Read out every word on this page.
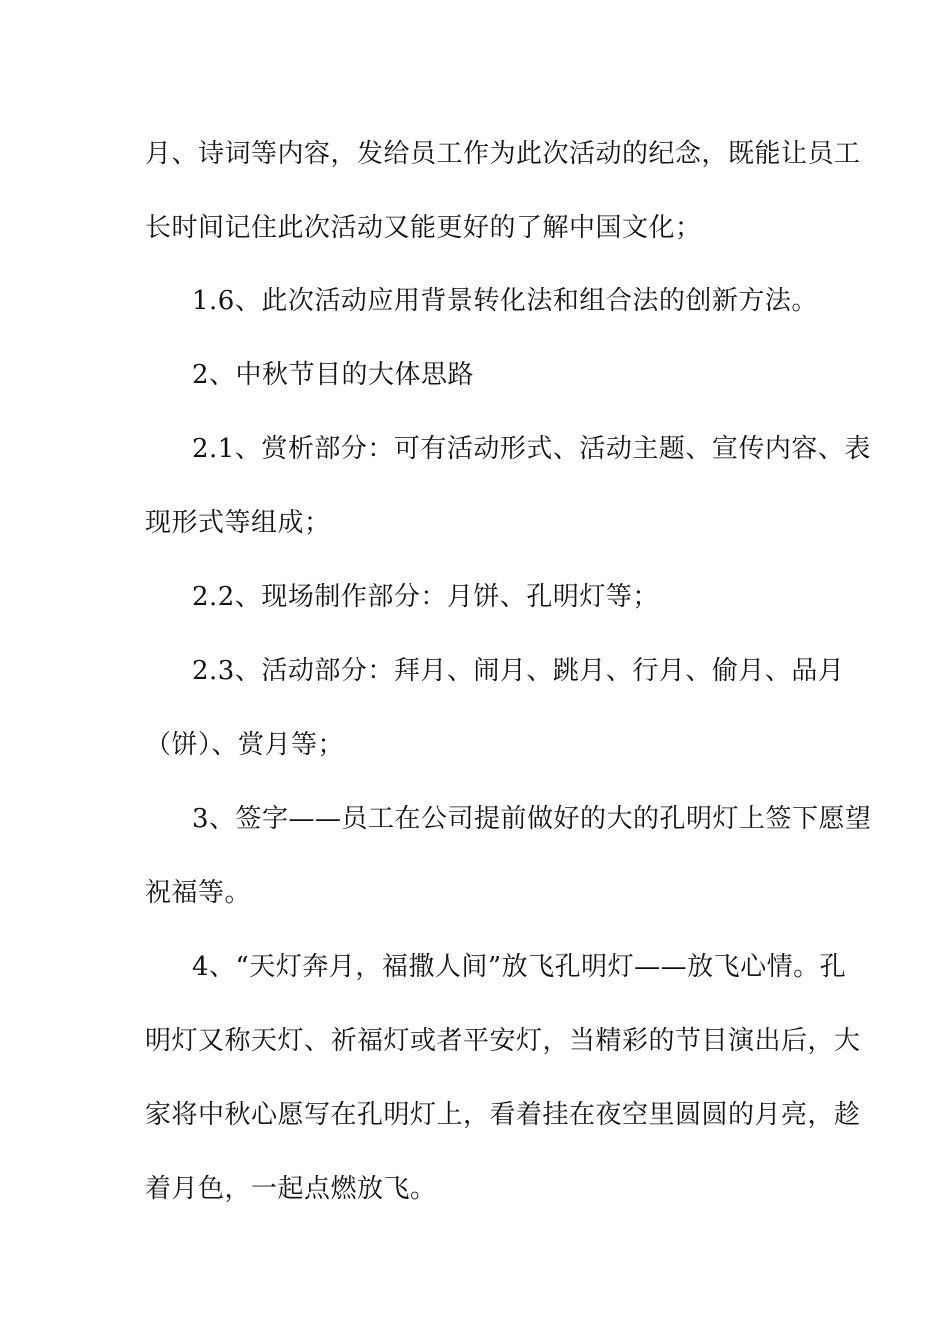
月、诗词等内容，发给员工作为此次活动的纪念，既能让员工
长时间记住此次活动又能更好的了解中国文化；
1.6、此次活动应用背景转化法和组合法的创新方法。
2、中秋节目的大体思路
2.1、赏析部分：可有活动形式、活动主题、宣传内容、表
现形式等组成；
2.2、现场制作部分：月饼、孔明灯等；
2.3、活动部分：拜月、闹月、跳月、行月、偷月、品月
（饼）、赏月等；
3、签字——员工在公司提前做好的大的孔明灯上签下愿望
祝福等。
4、“天灯奔月，福撒人间”放飞孔明灯——放飞心情。孔
明灯又称天灯、祈福灯或者平安灯，当精彩的节目演出后，大
家将中秋心愿写在孔明灯上，看着挂在夜空里圆圆的月亮，趁
着月色，一起点燃放飞。
